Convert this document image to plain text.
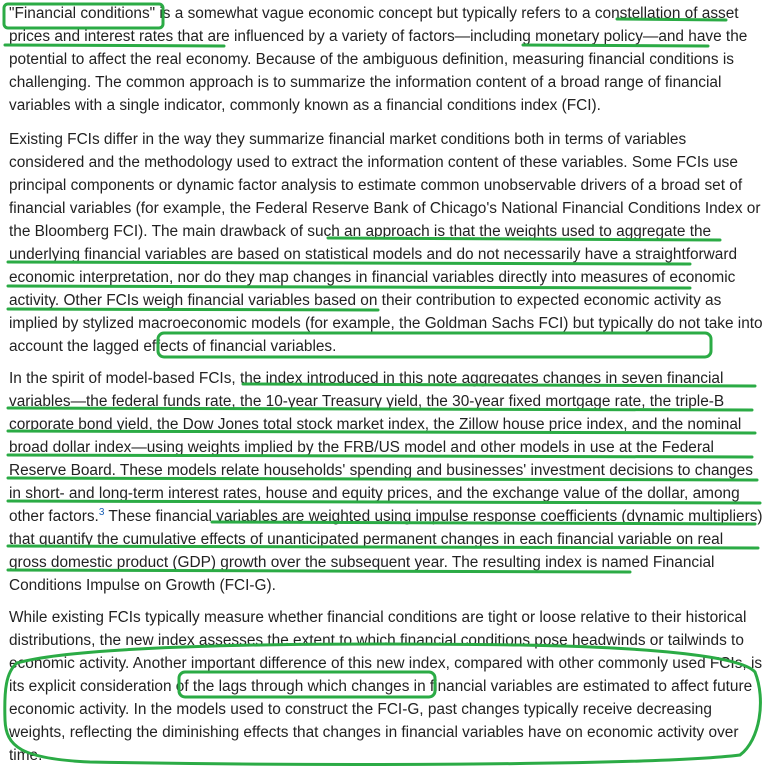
"Financial conditions" is a somewhat vague economic concept but typically refers to a constellation of asset prices and interest rates that are influenced by a variety of factors—including monetary policy—and have the potential to affect the real economy. Because of the ambiguous definition, measuring financial conditions is challenging. The common approach is to summarize the information content of a broad range of financial variables with a single indicator, commonly known as a financial conditions index (FCI).

Existing FCIs differ in the way they summarize financial market conditions both in terms of variables considered and the methodology used to extract the information content of these variables. Some FCIs use principal components or dynamic factor analysis to estimate common unobservable drivers of a broad set of financial variables (for example, the Federal Reserve Bank of Chicago's National Financial Conditions Index or the Bloomberg FCI). The main drawback of such an approach is that the weights used to aggregate the underlying financial variables are based on statistical models and do not necessarily have a straightforward economic interpretation, nor do they map changes in financial variables directly into measures of economic activity. Other FCIs weigh financial variables based on their contribution to expected economic activity as implied by stylized macroeconomic models (for example, the Goldman Sachs FCI) but typically do not take into account the lagged effects of financial variables.

In the spirit of model-based FCIs, the index introduced in this note aggregates changes in seven financial variables—the federal funds rate, the 10-year Treasury yield, the 30-year fixed mortgage rate, the triple-B corporate bond yield, the Dow Jones total stock market index, the Zillow house price index, and the nominal broad dollar index—using weights implied by the FRB/US model and other models in use at the Federal Reserve Board. These models relate households' spending and businesses' investment decisions to changes in short- and long-term interest rates, house and equity prices, and the exchange value of the dollar, among other factors.$^3$ These financial variables are weighted using impulse response coefficients (dynamic multipliers) that quantify the cumulative effects of unanticipated permanent changes in each financial variable on real gross domestic product (GDP) growth over the subsequent year. The resulting index is named Financial Conditions Impulse on Growth (FCI-G).

While existing FCIs typically measure whether financial conditions are tight or loose relative to their historical distributions, the new index assesses the extent to which financial conditions pose headwinds or tailwinds to economic activity. Another important difference of this new index, compared with other commonly used FCIs, is its explicit consideration of the lags through which changes in financial variables are estimated to affect future economic activity. In the models used to construct the FCI-G, past changes typically receive decreasing weights, reflecting the diminishing effects that changes in financial variables have on economic activity over time.
